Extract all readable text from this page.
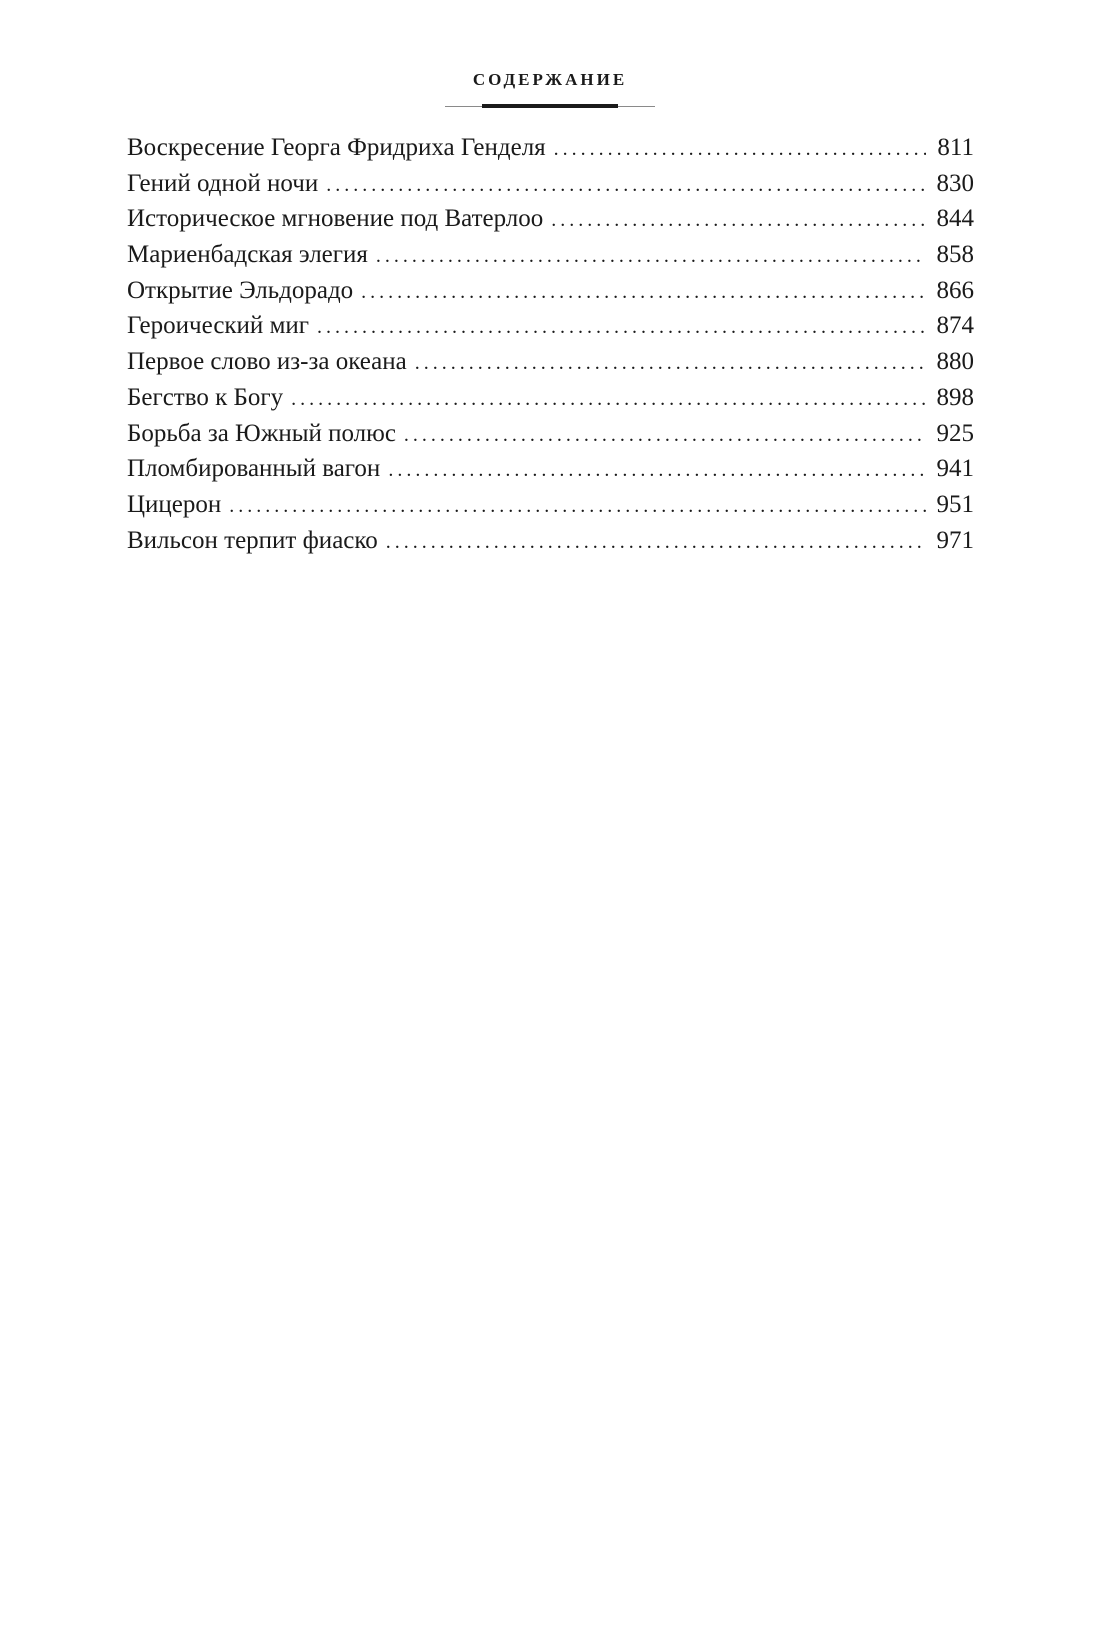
СОДЕРЖАНИЕ
Воскресение Георга Фридриха Генделя . . .	811
Гений одной ночи . . .	830
Историческое мгновение под Ватерлоо . . .	844
Мариенбадская элегия . . .	858
Открытие Эльдорадо . . .	866
Героический миг . . .	874
Первое слово из-за океана . . .	880
Бегство к Богу . . .	898
Борьба за Южный полюс . . .	925
Пломбированный вагон . . .	941
Цицерон . . .	951
Вильсон терпит фиаско . . .	971
